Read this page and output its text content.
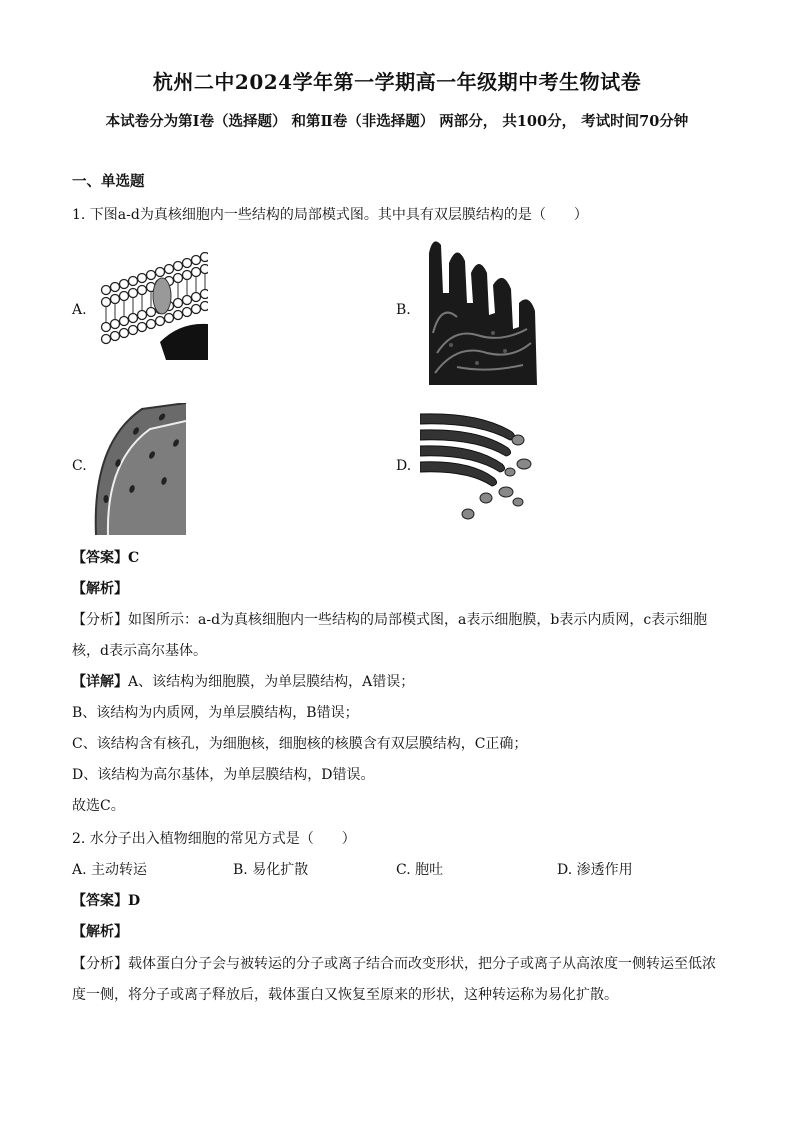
杭州二中2024学年第一学期高一年级期中考生物试卷
本试卷分为第Ⅰ卷（选择题） 和第Ⅱ卷（非选择题） 两部分， 共100分， 考试时间70分钟
一、单选题
1. 下图a-d为真核细胞内一些结构的局部模式图。其中具有双层膜结构的是（　　）
A.	B.
C.	D.
【答案】C
【解析】
【分析】如图所示：a-d为真核细胞内一些结构的局部模式图，a表示细胞膜，b表示内质网，c表示细胞
核，d表示高尔基体。
【详解】A、该结构为细胞膜，为单层膜结构，A错误；
B、该结构为内质网，为单层膜结构，B错误；
C、该结构含有核孔，为细胞核，细胞核的核膜含有双层膜结构，C正确；
D、该结构为高尔基体，为单层膜结构，D错误。
故选C。
2. 水分子出入植物细胞的常见方式是（　　）
A. 主动转运	B. 易化扩散	C. 胞吐	D. 渗透作用
【答案】D
【解析】
【分析】载体蛋白分子会与被转运的分子或离子结合而改变形状，把分子或离子从高浓度一侧转运至低浓
度一侧，将分子或离子释放后，载体蛋白又恢复至原来的形状，这种转运称为易化扩散。
